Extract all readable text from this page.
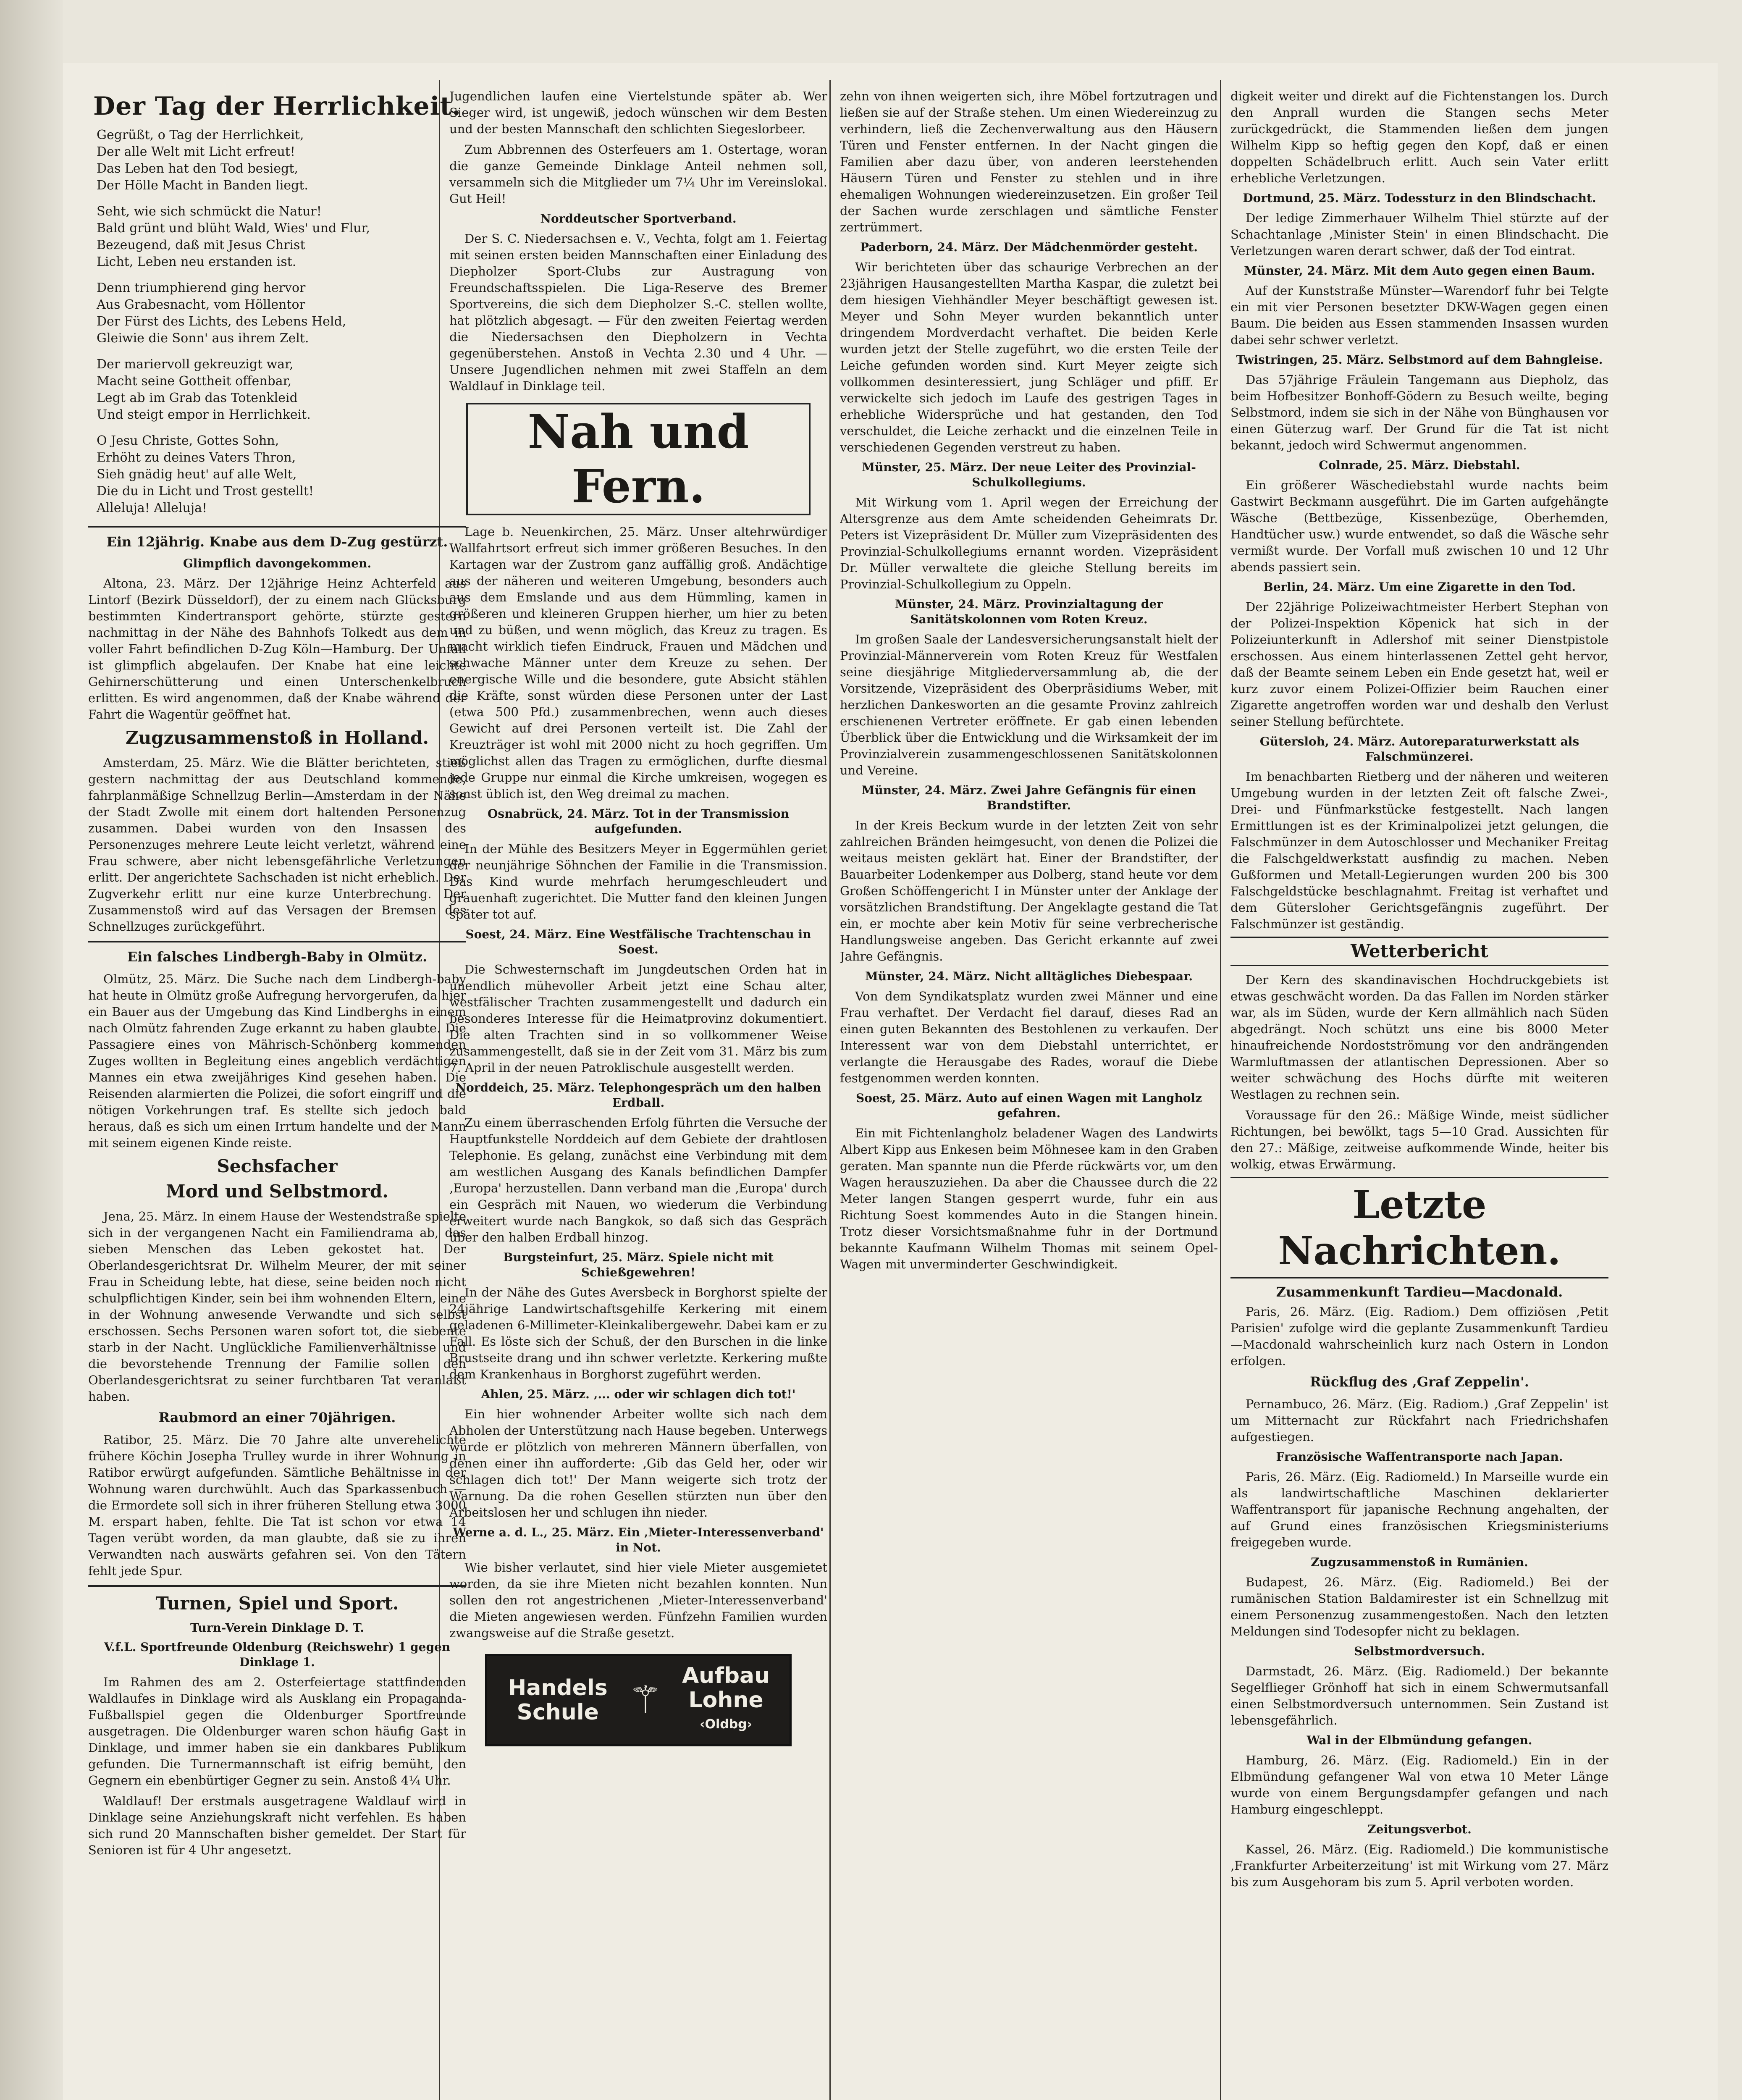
Der Tag der Herrlichkeit.
Gegrüßt, o Tag der Herrlichkeit,
Der alle Welt mit Licht erfreut!
Das Leben hat den Tod besiegt,
Der Hölle Macht in Banden liegt.
Seht, wie sich schmückt die Natur!
Bald grünt und blüht Wald, Wies' und Flur,
Bezeugend, daß mit Jesus Christ
Licht, Leben neu erstanden ist.
Denn triumphierend ging hervor
Aus Grabesnacht, vom Höllentor
Der Fürst des Lichts, des Lebens Held,
Gleiwie die Sonn' aus ihrem Zelt.
Der mariervoll gekreuzigt war,
Macht seine Gottheit offenbar,
Legt ab im Grab das Totenkleid
Und steigt empor in Herrlichkeit.
O Jesu Christe, Gottes Sohn,
Erhöht zu deines Vaters Thron,
Sieh gnädig heut' auf alle Welt,
Die du in Licht und Trost gestellt!
Alleluja! Alleluja!
Ein 12jährig. Knabe aus dem D-Zug gestürzt.
Glimpflich davongekommen.

Altona, 23. März. Der 12jährige Heinz Achterfeld aus Lintorf (Bezirk Düsseldorf), der zu einem nach Glücksburg bestimmten Kindertransport gehörte, stürzte gestern nachmittag in der Nähe des Bahnhofs Tolkedt aus dem in voller Fahrt befindlichen D-Zug Köln—Hamburg. Der Unfall ist glimpflich abgelaufen. Der Knabe hat eine leichte Gehirnerschütterung und einen Unterschenkelbruch erlitten. Es wird angenommen, daß der Knabe während der Fahrt die Wagentür geöffnet hat.

Zugzusammenstoß in Holland.

Amsterdam, 25. März. Wie die Blätter berichteten, stieß gestern nachmittag der aus Deutschland kommende, fahrplanmäßige Schnellzug Berlin—Amsterdam in der Nähe der Stadt Zwolle mit einem dort haltenden Personenzug zusammen. Dabei wurden von den Insassen des Personenzuges mehrere Leute leicht verletzt, während eine Frau schwere, aber nicht lebensgefährliche Verletzungen erlitt. Der angerichtete Sachschaden ist nicht erheblich. Der Zugverkehr erlitt nur eine kurze Unterbrechung. Der Zusammenstoß wird auf das Versagen der Bremsen des Schnellzuges zurückgeführt.

Ein falsches Lindbergh-Baby in Olmütz.

Olmütz, 25. März. Die Suche nach dem Lindbergh-baby hat heute in Olmütz große Aufregung hervorgerufen, da hier ein Bauer aus der Umgebung das Kind Lindberghs in einem nach Olmütz fahrenden Zuge erkannt zu haben glaubte. Die Passagiere eines von Mährisch-Schönberg kommenden Zuges wollten in Begleitung eines angeblich verdächtigen Mannes ein etwa zweijähriges Kind gesehen haben. Die Reisenden alarmierten die Polizei, die sofort eingriff und die nötigen Vorkehrungen traf. Es stellte sich jedoch bald heraus, daß es sich um einen Irrtum handelte und der Mann mit seinem eigenen Kinde reiste.

Sechsfacher
Mord und Selbstmord.

Jena, 25. März. In einem Hause der Westendstraße spielte sich in der vergangenen Nacht ein Familiendrama ab, das sieben Menschen das Leben gekostet hat. Der Oberlandesgerichtsrat Dr. Wilhelm Meurer, der mit seiner Frau in Scheidung lebte, hat diese, seine beiden noch nicht schulpflichtigen Kinder, sein bei ihm wohnenden Eltern, eine in der Wohnung anwesende Verwandte und sich selbst erschossen. Sechs Personen waren sofort tot, die siebente starb in der Nacht. Unglückliche Familienverhältnisse und die bevorstehende Trennung der Familie sollen den Oberlandesgerichtsrat zu seiner furchtbaren Tat veranlaßt haben.

Raubmord an einer 70jährigen.

Ratibor, 25. März. Die 70 Jahre alte unverehelichte frühere Köchin Josepha Trulley wurde in ihrer Wohnung in Ratibor erwürgt aufgefunden. Sämtliche Behältnisse in der Wohnung waren durchwühlt. Auch das Sparkassenbuch — die Ermordete soll sich in ihrer früheren Stellung etwa 3000 M. erspart haben, fehlte. Die Tat ist schon vor etwa 14 Tagen verübt worden, da man glaubte, daß sie zu ihren Verwandten nach auswärts gefahren sei. Von den Tätern fehlt jede Spur.

Turnen, Spiel und Sport.
Turn-Verein Dinklage D. T.
V.f.L. Sportfreunde Oldenburg (Reichswehr) 1 gegen Dinklage 1.

Im Rahmen des am 2. Osterfeiertage stattfindenden Waldlaufes in Dinklage wird als Ausklang ein Propaganda-Fußballspiel gegen die Oldenburger Sportfreunde ausgetragen. Die Oldenburger waren schon häufig Gast in Dinklage, und immer haben sie ein dankbares Publikum gefunden. Die Turnermannschaft ist eifrig bemüht, den Gegnern ein ebenbürtiger Gegner zu sein. Anstoß 4¼ Uhr.

Waldlauf! Der erstmals ausgetragene Waldlauf wird in Dinklage seine Anziehungskraft nicht verfehlen. Es haben sich rund 20 Mannschaften bisher gemeldet. Der Start für Senioren ist für 4 Uhr angesetzt.

Jugendlichen laufen eine Viertelstunde später ab. Wer Sieger wird, ist ungewiß, jedoch wünschen wir dem Besten und der besten Mannschaft den schlichten Siegeslorbeer.

Zum Abbrennen des Osterfeuers am 1. Ostertage, woran die ganze Gemeinde Dinklage Anteil nehmen soll, versammeln sich die Mitglieder um 7¼ Uhr im Vereinslokal. Gut Heil!

Norddeutscher Sportverband.

Der S. C. Niedersachsen e. V., Vechta, folgt am 1. Feiertag mit seinen ersten beiden Mannschaften einer Einladung des Diepholzer Sport-Clubs zur Austragung von Freundschaftsspielen. Die Liga-Reserve des Bremer Sportvereins, die sich dem Diepholzer S.-C. stellen wollte, hat plötzlich abgesagt. — Für den zweiten Feiertag werden die Niedersachsen den Diepholzern in Vechta gegenüberstehen. Anstoß in Vechta 2.30 und 4 Uhr. — Unsere Jugendlichen nehmen mit zwei Staffeln an dem Waldlauf in Dinklage teil.

Nah und Fern.

Lage b. Neuenkirchen, 25. März. Unser altehrwürdiger Wallfahrtsort erfreut sich immer größeren Besuches. In den Kartagen war der Zustrom ganz auffällig groß. Andächtige aus der näheren und weiteren Umgebung, besonders auch aus dem Emslande und aus dem Hümmling, kamen in größeren und kleineren Gruppen hierher, um hier zu beten und zu büßen, und wenn möglich, das Kreuz zu tragen. Es macht wirklich tiefen Eindruck, Frauen und Mädchen und schwache Männer unter dem Kreuze zu sehen. Der energische Wille und die besondere, gute Absicht stählen die Kräfte, sonst würden diese Personen unter der Last (etwa 500 Pfd.) zusammenbrechen, wenn auch dieses Gewicht auf drei Personen verteilt ist. Die Zahl der Kreuzträger ist wohl mit 2000 nicht zu hoch gegriffen. Um möglichst allen das Tragen zu ermöglichen, durfte diesmal jede Gruppe nur einmal die Kirche umkreisen, wogegen es sonst üblich ist, den Weg dreimal zu machen.

Osnabrück, 24. März. Tot in der Transmission aufgefunden.

In der Mühle des Besitzers Meyer in Eggermühlen geriet der neunjährige Söhnchen der Familie in die Transmission. Das Kind wurde mehrfach herumgeschleudert und grauenhaft zugerichtet. Die Mutter fand den kleinen Jungen später tot auf.

Soest, 24. März. Eine Westfälische Trachtenschau in Soest.

Die Schwesternschaft im Jungdeutschen Orden hat in unendlich mühevoller Arbeit jetzt eine Schau alter, westfälischer Trachten zusammengestellt und dadurch ein besonderes Interesse für die Heimatprovinz dokumentiert. Die alten Trachten sind in so vollkommener Weise zusammengestellt, daß sie in der Zeit vom 31. März bis zum 7. April in der neuen Patroklischule ausgestellt werden.

Norddeich, 25. März. Telephongespräch um den halben Erdball.

Zu einem überraschenden Erfolg führten die Versuche der Hauptfunkstelle Norddeich auf dem Gebiete der drahtlosen Telephonie. Es gelang, zunächst eine Verbindung mit dem am westlichen Ausgang des Kanals befindlichen Dampfer ‚Europa' herzustellen. Dann verband man die ‚Europa' durch ein Gespräch mit Nauen, wo wiederum die Verbindung erweitert wurde nach Bangkok, so daß sich das Gespräch über den halben Erdball hinzog.

Burgsteinfurt, 25. März. Spiele nicht mit Schießgewehren!

In der Nähe des Gutes Aversbeck in Borghorst spielte der 24jährige Landwirtschaftsgehilfe Kerkering mit einem geladenen 6-Millimeter-Kleinkalibergewehr. Dabei kam er zu Fall. Es löste sich der Schuß, der den Burschen in die linke Brustseite drang und ihn schwer verletzte. Kerkering mußte dem Krankenhaus in Borghorst zugeführt werden.

Ahlen, 25. März. ‚... oder wir schlagen dich tot!'

Ein hier wohnender Arbeiter wollte sich nach dem Abholen der Unterstützung nach Hause begeben. Unterwegs wurde er plötzlich von mehreren Männern überfallen, von denen einer ihn aufforderte: ‚Gib das Geld her, oder wir schlagen dich tot!' Der Mann weigerte sich trotz der Warnung. Da die rohen Gesellen stürzten nun über den Arbeitslosen her und schlugen ihn nieder.

Werne a. d. L., 25. März. Ein ‚Mieter-Interessenverband' in Not.

Wie bisher verlautet, sind hier viele Mieter ausgemietet worden, da sie ihre Mieten nicht bezahlen konnten. Nun sollen den rot angestrichenen ‚Mieter-Interessenverband' die Mieten angewiesen werden. Fünfzehn Familien wurden zwangsweise auf die Straße gesetzt.

Handels Schule ⚚
Aufbau Lohne
‹Oldbg›

zehn von ihnen weigerten sich, ihre Möbel fortzutragen und ließen sie auf der Straße stehen. Um einen Wiedereinzug zu verhindern, ließ die Zechenverwaltung aus den Häusern Türen und Fenster entfernen. In der Nacht gingen die Familien aber dazu über, von anderen leerstehenden Häusern Türen und Fenster zu stehlen und in ihre ehemaligen Wohnungen wiedereinzusetzen. Ein großer Teil der Sachen wurde zerschlagen und sämtliche Fenster zertrümmert.

Paderborn, 24. März. Der Mädchenmörder gesteht.

Wir berichteten über das schaurige Verbrechen an der 23jährigen Hausangestellten Martha Kaspar, die zuletzt bei dem hiesigen Viehhändler Meyer beschäftigt gewesen ist. Meyer und Sohn Meyer wurden bekanntlich unter dringendem Mordverdacht verhaftet. Die beiden Kerle wurden jetzt der Stelle zugeführt, wo die ersten Teile der Leiche gefunden worden sind. Kurt Meyer zeigte sich vollkommen desinteressiert, jung Schläger und pfiff. Er verwickelte sich jedoch im Laufe des gestrigen Tages in erhebliche Widersprüche und hat gestanden, den Tod verschuldet, die Leiche zerhackt und die einzelnen Teile in verschiedenen Gegenden verstreut zu haben.

Münster, 25. März. Der neue Leiter des Provinzial-Schulkollegiums.

Mit Wirkung vom 1. April wegen der Erreichung der Altersgrenze aus dem Amte scheidenden Geheimrats Dr. Peters ist Vizepräsident Dr. Müller zum Vizepräsidenten des Provinzial-Schulkollegiums ernannt worden. Vizepräsident Dr. Müller verwaltete die gleiche Stellung bereits im Provinzial-Schulkollegium zu Oppeln.

Münster, 24. März. Provinzialtagung der Sanitätskolonnen vom Roten Kreuz.

Im großen Saale der Landesversicherungsanstalt hielt der Provinzial-Männerverein vom Roten Kreuz für Westfalen seine diesjährige Mitgliederversammlung ab, die der Vorsitzende, Vizepräsident des Oberpräsidiums Weber, mit herzlichen Dankesworten an die gesamte Provinz zahlreich erschienenen Vertreter eröffnete. Er gab einen lebenden Überblick über die Entwicklung und die Wirksamkeit der im Provinzialverein zusammengeschlossenen Sanitätskolonnen und Vereine.

Münster, 24. März. Zwei Jahre Gefängnis für einen Brandstifter.

In der Kreis Beckum wurde in der letzten Zeit von sehr zahlreichen Bränden heimgesucht, von denen die Polizei die weitaus meisten geklärt hat. Einer der Brandstifter, der Bauarbeiter Lodenkemper aus Dolberg, stand heute vor dem Großen Schöffengericht I in Münster unter der Anklage der vorsätzlichen Brandstiftung. Der Angeklagte gestand die Tat ein, er mochte aber kein Motiv für seine verbrecherische Handlungsweise angeben. Das Gericht erkannte auf zwei Jahre Gefängnis.

Münster, 24. März. Nicht alltägliches Diebespaar.

Von dem Syndikatsplatz wurden zwei Männer und eine Frau verhaftet. Der Verdacht fiel darauf, dieses Rad an einen guten Bekannten des Bestohlenen zu verkaufen. Der Interessent war von dem Diebstahl unterrichtet, er verlangte die Herausgabe des Rades, worauf die Diebe festgenommen werden konnten.

Soest, 25. März. Auto auf einen Wagen mit Langholz gefahren.

Ein mit Fichtenlangholz beladener Wagen des Landwirts Albert Kipp aus Enkesen beim Möhnesee kam in den Graben geraten. Man spannte nun die Pferde rückwärts vor, um den Wagen herauszuziehen. Da aber die Chaussee durch die 22 Meter langen Stangen gesperrt wurde, fuhr ein aus Richtung Soest kommendes Auto in die Stangen hinein. Trotz dieser Vorsichtsmaßnahme fuhr in der Dortmund bekannte Kaufmann Wilhelm Thomas mit seinem Opel-Wagen mit unverminderter Geschwindigkeit.

digkeit weiter und direkt auf die Fichtenstangen los. Durch den Anprall wurden die Stangen sechs Meter zurückgedrückt, die Stammenden ließen dem jungen Wilhelm Kipp so heftig gegen den Kopf, daß er einen doppelten Schädelbruch erlitt. Auch sein Vater erlitt erhebliche Verletzungen.

Dortmund, 25. März. Todessturz in den Blindschacht.

Der ledige Zimmerhauer Wilhelm Thiel stürzte auf der Schachtanlage ‚Minister Stein' in einen Blindschacht. Die Verletzungen waren derart schwer, daß der Tod eintrat.

Münster, 24. März. Mit dem Auto gegen einen Baum.

Auf der Kunststraße Münster—Warendorf fuhr bei Telgte ein mit vier Personen besetzter DKW-Wagen gegen einen Baum. Die beiden aus Essen stammenden Insassen wurden dabei sehr schwer verletzt.

Twistringen, 25. März. Selbstmord auf dem Bahngleise.

Das 57jährige Fräulein Tangemann aus Diepholz, das beim Hofbesitzer Bonhoff-Gödern zu Besuch weilte, beging Selbstmord, indem sie sich in der Nähe von Bünghausen vor einen Güterzug warf. Der Grund für die Tat ist nicht bekannt, jedoch wird Schwermut angenommen.

Colnrade, 25. März. Diebstahl.

Ein größerer Wäschediebstahl wurde nachts beim Gastwirt Beckmann ausgeführt. Die im Garten aufgehängte Wäsche (Bettbezüge, Kissenbezüge, Oberhemden, Handtücher usw.) wurde entwendet, so daß die Wäsche sehr vermißt wurde. Der Vorfall muß zwischen 10 und 12 Uhr abends passiert sein.

Berlin, 24. März. Um eine Zigarette in den Tod.

Der 22jährige Polizeiwachtmeister Herbert Stephan von der Polizei-Inspektion Köpenick hat sich in der Polizeiunterkunft in Adlershof mit seiner Dienstpistole erschossen. Aus einem hinterlassenen Zettel geht hervor, daß der Beamte seinem Leben ein Ende gesetzt hat, weil er kurz zuvor einem Polizei-Offizier beim Rauchen einer Zigarette angetroffen worden war und deshalb den Verlust seiner Stellung befürchtete.

Gütersloh, 24. März. Autoreparaturwerkstatt als Falschmünzerei.

Im benachbarten Rietberg und der näheren und weiteren Umgebung wurden in der letzten Zeit oft falsche Zwei-, Drei- und Fünfmarkstücke festgestellt. Nach langen Ermittlungen ist es der Kriminalpolizei jetzt gelungen, die Falschmünzer in dem Autoschlosser und Mechaniker Freitag die Falschgeldwerkstatt ausfindig zu machen. Neben Gußformen und Metall-Legierungen wurden 200 bis 300 Falschgeldstücke beschlagnahmt. Freitag ist verhaftet und dem Gütersloher Gerichtsgefängnis zugeführt. Der Falschmünzer ist geständig.

Wetterbericht

Der Kern des skandinavischen Hochdruckgebiets ist etwas geschwächt worden. Da das Fallen im Norden stärker war, als im Süden, wurde der Kern allmählich nach Süden abgedrängt. Noch schützt uns eine bis 8000 Meter hinaufreichende Nordostströmung vor den andrängenden Warmluftmassen der atlantischen Depressionen. Aber so weiter schwächung des Hochs dürfte mit weiteren Westlagen zu rechnen sein.

Voraussage für den 26.: Mäßige Winde, meist südlicher Richtungen, bei bewölkt, tags 5—10 Grad. Aussichten für den 27.: Mäßige, zeitweise aufkommende Winde, heiter bis wolkig, etwas Erwärmung.

Letzte Nachrichten.
Zusammenkunft Tardieu—Macdonald.

Paris, 26. März. (Eig. Radiom.) Dem offiziösen ‚Petit Parisien' zufolge wird die geplante Zusammenkunft Tardieu—Macdonald wahrscheinlich kurz nach Ostern in London erfolgen.

Rückflug des ‚Graf Zeppelin'.

Pernambuco, 26. März. (Eig. Radiom.) ‚Graf Zeppelin' ist um Mitternacht zur Rückfahrt nach Friedrichshafen aufgestiegen.

Französische Waffentransporte nach Japan.

Paris, 26. März. (Eig. Radiomeld.) In Marseille wurde ein als landwirtschaftliche Maschinen deklarierter Waffentransport für japanische Rechnung angehalten, der auf Grund eines französischen Kriegsministeriums freigegeben wurde.

Zugzusammenstoß in Rumänien.

Budapest, 26. März. (Eig. Radiomeld.) Bei der rumänischen Station Baldamirester ist ein Schnellzug mit einem Personenzug zusammengestoßen. Nach den letzten Meldungen sind Todesopfer nicht zu beklagen.

Selbstmordversuch.

Darmstadt, 26. März. (Eig. Radiomeld.) Der bekannte Segelflieger Grönhoff hat sich in einem Schwermutsanfall einen Selbstmordversuch unternommen. Sein Zustand ist lebensgefährlich.

Wal in der Elbmündung gefangen.

Hamburg, 26. März. (Eig. Radiomeld.) Ein in der Elbmündung gefangener Wal von etwa 10 Meter Länge wurde von einem Bergungsdampfer gefangen und nach Hamburg eingeschleppt.

Zeitungsverbot.

Kassel, 26. März. (Eig. Radiomeld.) Die kommunistische ‚Frankfurter Arbeiterzeitung' ist mit Wirkung vom 27. März bis zum Ausgehoram bis zum 5. April verboten worden.
